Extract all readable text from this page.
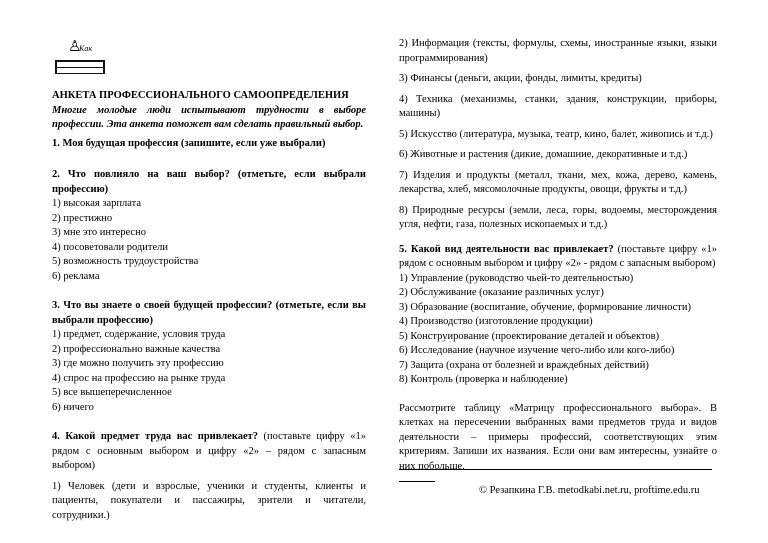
♙
Как

АНКЕТА ПРОФЕССИОНАЛЬНОГО САМООПРЕДЕЛЕНИЯ

Многие молодые люди испытывают трудности в выборе профессии. Эта анкета поможет вам сделать правильный выбор.

1. Моя будущая профессия (запишите, если уже выбрали)

2. Что повлияло на ваш выбор? (отметьте, если выбрали профессию)

1) высокая зарплата

2) престижно

3) мне это интересно

4) посоветовали родители

5) возможность трудоустройства

6) реклама

3. Что вы знаете о своей будущей профессии? (отметьте, если вы выбрали профессию)

1) предмет, содержание, условия труда

2) профессионально важные качества

3) где можно получить эту профессию

4) спрос на профессию на рынке труда

5) все вышеперечисленное

6) ничего

4. Какой предмет труда вас привлекает? (поставьте цифру «1» рядом с основным выбором и цифру «2» – рядом с запасным выбором)

1) Человек (дети и взрослые, ученики и студенты, клиенты и пациенты, покупатели и пассажиры, зрители и читатели, сотрудники.)

2) Информация (тексты, формулы, схемы, иностранные языки, языки программирования)

3) Финансы (деньги, акции, фонды, лимиты, кредиты)

4) Техника (механизмы, станки, здания, конструкции, приборы, машины)

5) Искусство (литература, музыка, театр, кино, балет, живопись и т.д.)

6) Животные и растения (дикие, домашние, декоративные и т.д.)

7) Изделия и продукты (металл, ткани, мех, кожа, дерево, камень, лекарства, хлеб, мясомолочные продукты, овощи, фрукты и т.д.)

8) Природные ресурсы (земли, леса, горы, водоемы, месторождения угля, нефти, газа, полезных ископаемых и т.д.)

5. Какой вид деятельности вас привлекает? (поставьте цифру «1» рядом с основным выбором и цифру «2» - рядом с запасным выбором)

1) Управление (руководство чьей-то деятельностью)

2) Обслуживание (оказание различных услуг)

3) Образование (воспитание, обучение, формирование личности)

4) Производство (изготовление продукции)

5) Конструирование (проектирование деталей и объектов)

6) Исследование (научное изучение чего-либо или кого-либо)

7) Защита (охрана от болезней и враждебных действий)

8) Контроль (проверка и наблюдение)

Рассмотрите таблицу «Матрицу профессионального выбора». В клетках на пересечении выбранных вами предметов труда и видов деятельности – примеры профессий, соответствующих этим критериям. Запиши их названия. Если они вам интересны, узнайте о них побольше.

© Резапкина Г.В. metodkabi.net.ru, proftime.edu.ru
